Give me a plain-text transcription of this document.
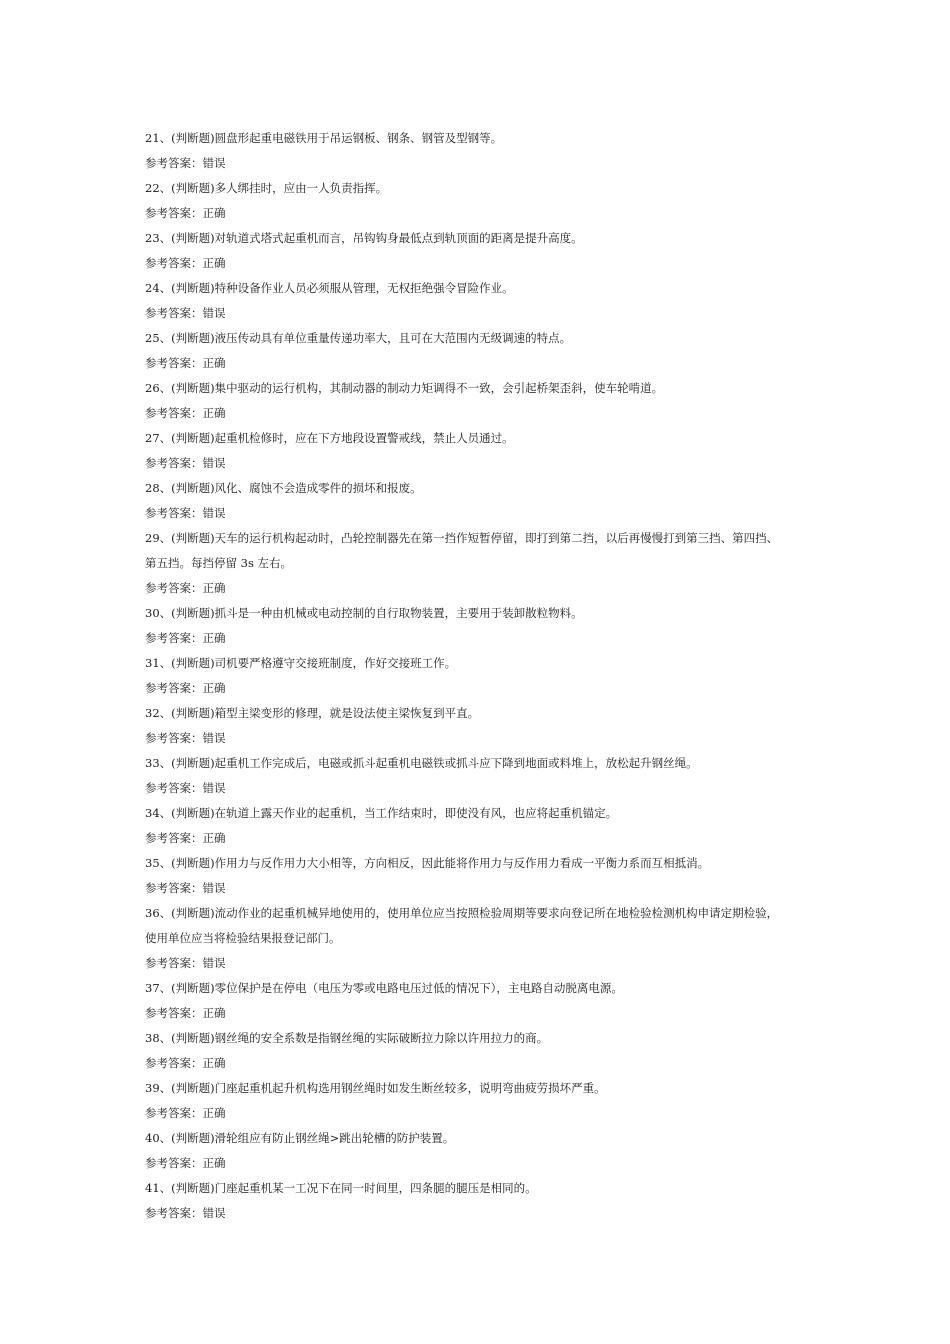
21、(判断题)圆盘形起重电磁铁用于吊运钢板、钢条、钢管及型钢等。
参考答案：错误
22、(判断题)多人绑挂时，应由一人负责指挥。
参考答案：正确
23、(判断题)对轨道式塔式起重机而言，吊钩钩身最低点到轨顶面的距离是提升高度。
参考答案：正确
24、(判断题)特种设备作业人员必须服从管理，无权拒绝强令冒险作业。
参考答案：错误
25、(判断题)液压传动具有单位重量传递功率大，且可在大范围内无级调速的特点。
参考答案：正确
26、(判断题)集中驱动的运行机构，其制动器的制动力矩调得不一致，会引起桥架歪斜，使车轮啃道。
参考答案：正确
27、(判断题)起重机检修时，应在下方地段设置警戒线，禁止人员通过。
参考答案：错误
28、(判断题)风化、腐蚀不会造成零件的损坏和报废。
参考答案：错误
29、(判断题)天车的运行机构起动时，凸轮控制器先在第一挡作短暂停留，即打到第二挡，以后再慢慢打到第三挡、第四挡、
第五挡。每挡停留 3s 左右。
参考答案：正确
30、(判断题)抓斗是一种由机械或电动控制的自行取物装置，主要用于装卸散粒物料。
参考答案：正确
31、(判断题)司机要严格遵守交接班制度，作好交接班工作。
参考答案：正确
32、(判断题)箱型主梁变形的修理，就是设法使主梁恢复到平直。
参考答案：错误
33、(判断题)起重机工作完成后，电磁或抓斗起重机电磁铁或抓斗应下降到地面或料堆上，放松起升钢丝绳。
参考答案：错误
34、(判断题)在轨道上露天作业的起重机，当工作结束时，即使没有风，也应将起重机锚定。
参考答案：正确
35、(判断题)作用力与反作用力大小相等，方向相反，因此能将作用力与反作用力看成一平衡力系而互相抵消。
参考答案：错误
36、(判断题)流动作业的起重机械异地使用的，使用单位应当按照检验周期等要求向登记所在地检验检测机构申请定期检验，
使用单位应当将检验结果报登记部门。
参考答案：错误
37、(判断题)零位保护是在停电（电压为零或电路电压过低的情况下），主电路自动脱离电源。
参考答案：正确
38、(判断题)钢丝绳的安全系数是指钢丝绳的实际破断拉力除以许用拉力的商。
参考答案：正确
39、(判断题)门座起重机起升机构选用钢丝绳时如发生断丝较多，说明弯曲疲劳损坏严重。
参考答案：正确
40、(判断题)滑轮组应有防止钢丝绳>跳出轮槽的防护装置。
参考答案：正确
41、(判断题)门座起重机某一工况下在同一时间里，四条腿的腿压是相同的。
参考答案：错误
